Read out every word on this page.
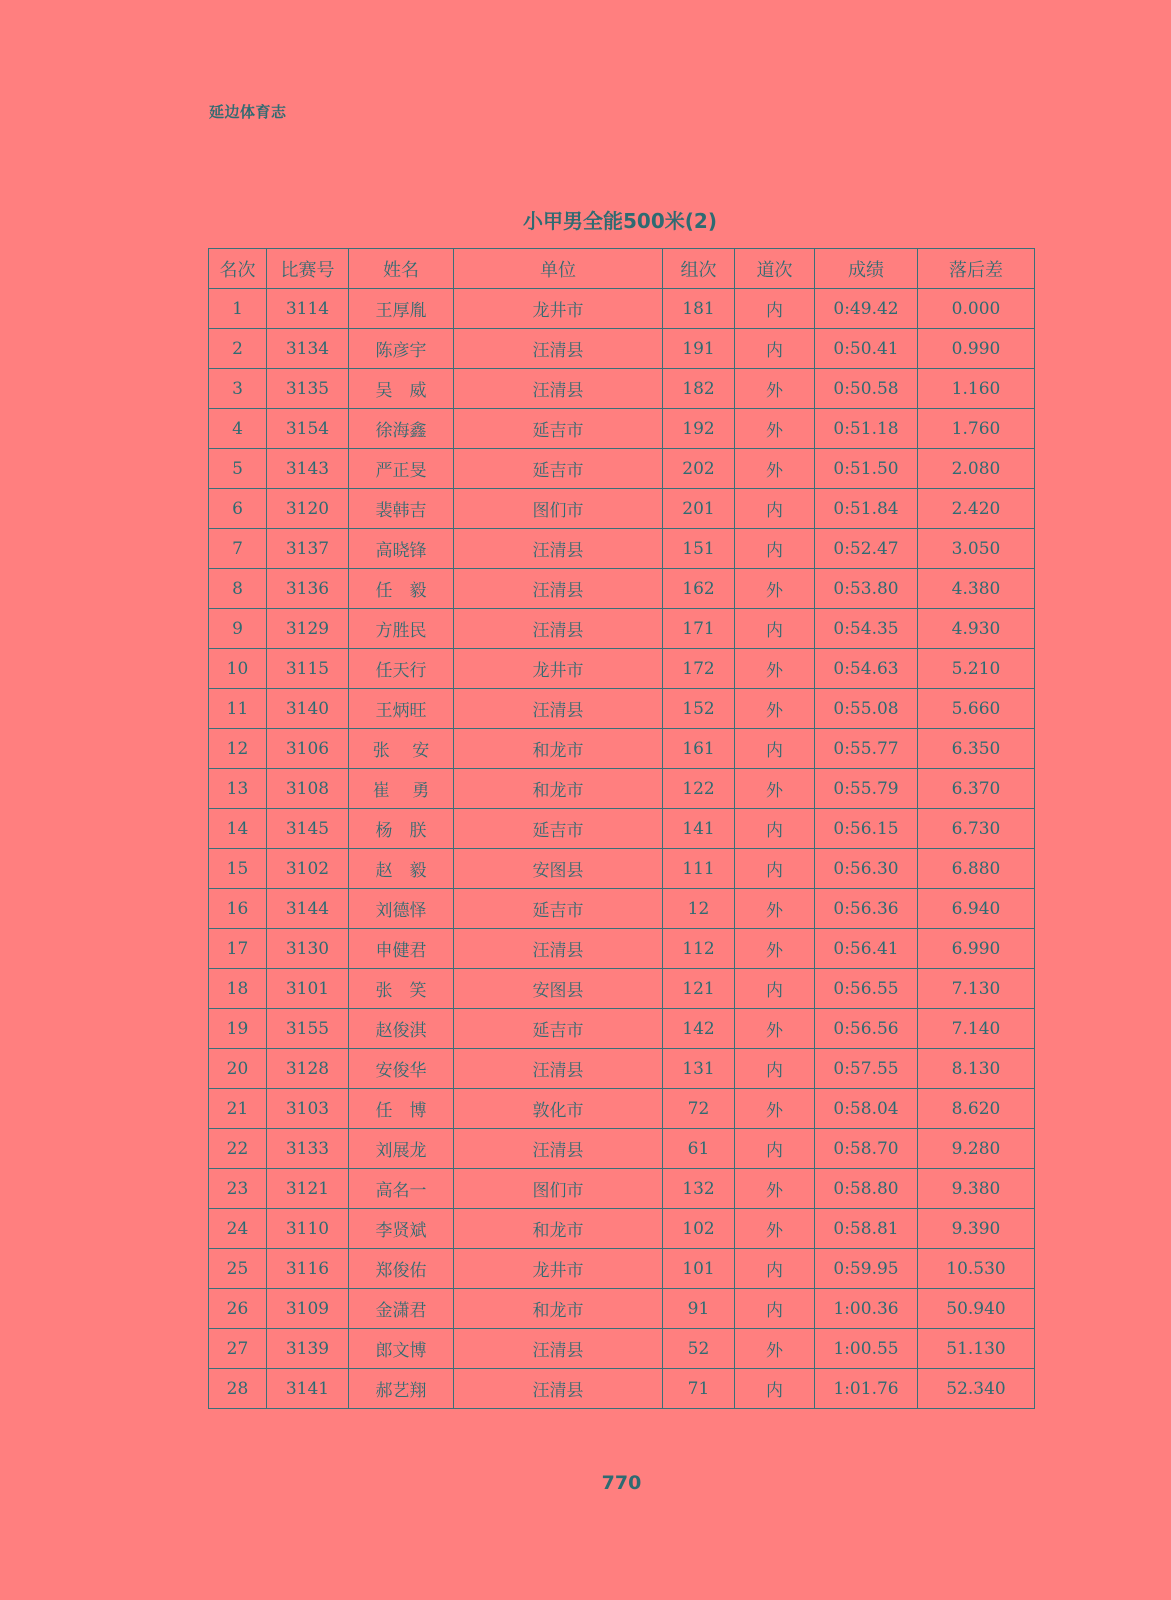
延边体育志
小甲男全能500米(2)
名次	比赛号	姓名	单位	组次	道次	成绩	落后差
1	3114	王厚胤	龙井市	181	内	0:49.42	0.000
2	3134	陈彦宇	汪清县	191	内	0:50.41	0.990
3	3135	吴　威	汪清县	182	外	0:50.58	1.160
4	3154	徐海鑫	延吉市	192	外	0:51.18	1.760
5	3143	严正旻	延吉市	202	外	0:51.50	2.080
6	3120	裴韩吉	图们市	201	内	0:51.84	2.420
7	3137	高晓锋	汪清县	151	内	0:52.47	3.050
8	3136	任　毅	汪清县	162	外	0:53.80	4.380
9	3129	方胜民	汪清县	171	内	0:54.35	4.930
10	3115	任天行	龙井市	172	外	0:54.63	5.210
11	3140	王炳旺	汪清县	152	外	0:55.08	5.660
12	3106	张　 安	和龙市	161	内	0:55.77	6.350
13	3108	崔　 勇	和龙市	122	外	0:55.79	6.370
14	3145	杨　朕	延吉市	141	内	0:56.15	6.730
15	3102	赵　毅	安图县	111	内	0:56.30	6.880
16	3144	刘德怿	延吉市	12	外	0:56.36	6.940
17	3130	申健君	汪清县	112	外	0:56.41	6.990
18	3101	张　笑	安图县	121	内	0:56.55	7.130
19	3155	赵俊淇	延吉市	142	外	0:56.56	7.140
20	3128	安俊华	汪清县	131	内	0:57.55	8.130
21	3103	任　博	敦化市	72	外	0:58.04	8.620
22	3133	刘展龙	汪清县	61	内	0:58.70	9.280
23	3121	高名一	图们市	132	外	0:58.80	9.380
24	3110	李贤斌	和龙市	102	外	0:58.81	9.390
25	3116	郑俊佑	龙井市	101	内	0:59.95	10.530
26	3109	金潇君	和龙市	91	内	1:00.36	50.940
27	3139	郎文博	汪清县	52	外	1:00.55	51.130
28	3141	郝艺翔	汪清县	71	内	1:01.76	52.340
770
